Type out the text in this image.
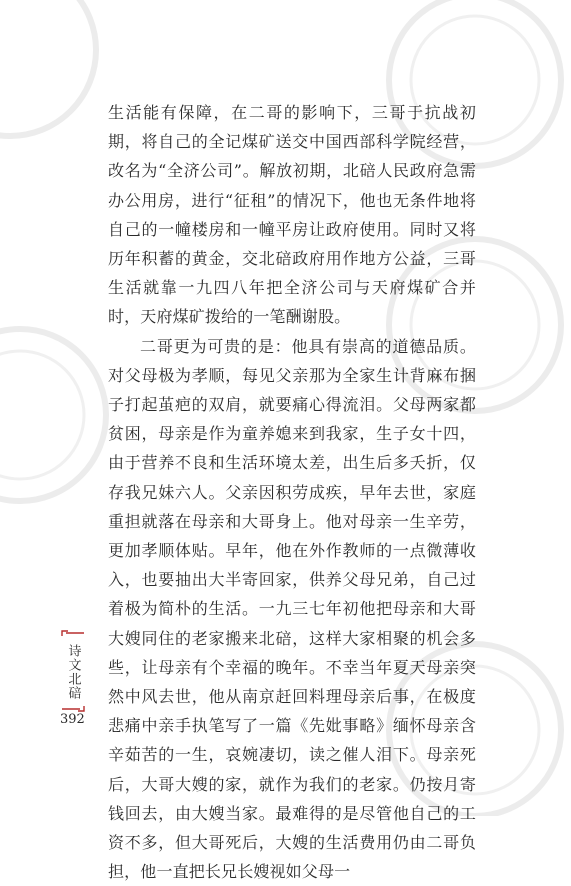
生活能有保障，在二哥的影响下，三哥于抗战初期，将自己的全记煤矿送交中国西部科学院经营，改名为“全济公司”。解放初期，北碚人民政府急需办公用房，进行“征租”的情况下，他也无条件地将自己的一幢楼房和一幢平房让政府使用。同时又将历年积蓄的黄金，交北碚政府用作地方公益，三哥生活就靠一九四八年把全济公司与天府煤矿合并时，天府煤矿拨给的一笔酬谢股。

二哥更为可贵的是：他具有崇高的道德品质。对父母极为孝顺，每见父亲那为全家生计背麻布捆子打起茧疤的双肩，就要痛心得流泪。父母两家都贫困，母亲是作为童养媳来到我家，生子女十四，由于营养不良和生活环境太差，出生后多夭折，仅存我兄妹六人。父亲因积劳成疾，早年去世，家庭重担就落在母亲和大哥身上。他对母亲一生辛劳，更加孝顺体贴。早年，他在外作教师的一点微薄收入，也要抽出大半寄回家，供养父母兄弟，自己过着极为简朴的生活。一九三七年初他把母亲和大哥大嫂同住的老家搬来北碚，这样大家相聚的机会多些，让母亲有个幸福的晚年。不幸当年夏天母亲突然中风去世，他从南京赶回料理母亲后事，在极度悲痛中亲手执笔写了一篇《先妣事略》缅怀母亲含辛茹苦的一生，哀婉凄切，读之催人泪下。母亲死后，大哥大嫂的家，就作为我们的老家。仍按月寄钱回去，由大嫂当家。最难得的是尽管他自己的工资不多，但大哥死后，大嫂的生活费用仍由二哥负担，他一直把长兄长嫂视如父母一

诗文北碚
392
